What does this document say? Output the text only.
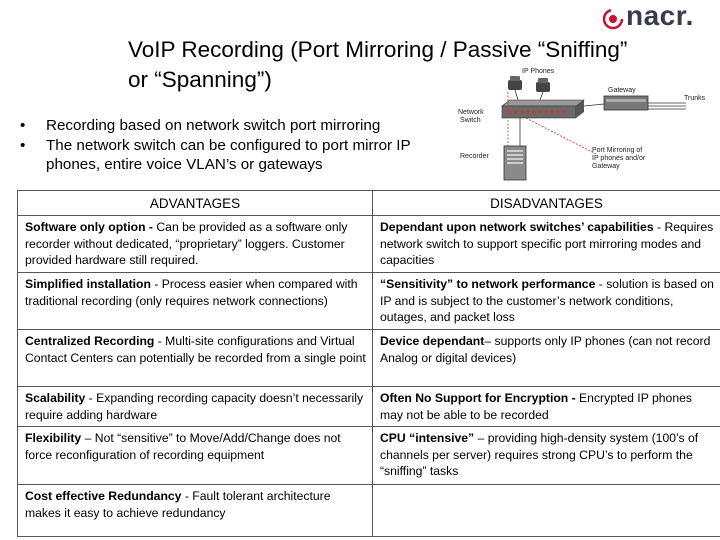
nacr.
VoIP Recording (Port Mirroring / Passive “Sniffing” or “Spanning”)
• Recording based on network switch port mirroring
• The network switch can be configured to port mirror IP phones, entire voice VLAN’s or gateways
IP Phones
Gateway
Network
Switch
Trunks
Recorder
Port Mirroring of
IP phones and/or
Gateway
ADVANTAGES	DISADVANTAGES
Software only option - Can be provided as a software only recorder without dedicated, “proprietary” loggers. Customer provided hardware still required.	Dependant upon network switches’ capabilities - Requires network switch to support specific port mirroring modes and capacities
Simplified installation - Process easier when compared with traditional recording (only requires network connections)	“Sensitivity” to network performance - solution is based on IP and is subject to the customer’s network conditions, outages, and packet loss
Centralized Recording - Multi-site configurations and Virtual Contact Centers can potentially be recorded from a single point	Device dependant– supports only IP phones (can not record Analog or digital devices)
Scalability - Expanding recording capacity doesn’t necessarily require adding hardware	Often No Support for Encryption - Encrypted IP phones may not be able to be recorded
Flexibility – Not “sensitive” to Move/Add/Change does not force reconfiguration of recording equipment	CPU “intensive” – providing high-density system (100’s of channels per server) requires strong CPU’s to perform the “sniffing” tasks
Cost effective Redundancy - Fault tolerant architecture makes it easy to achieve redundancy	
